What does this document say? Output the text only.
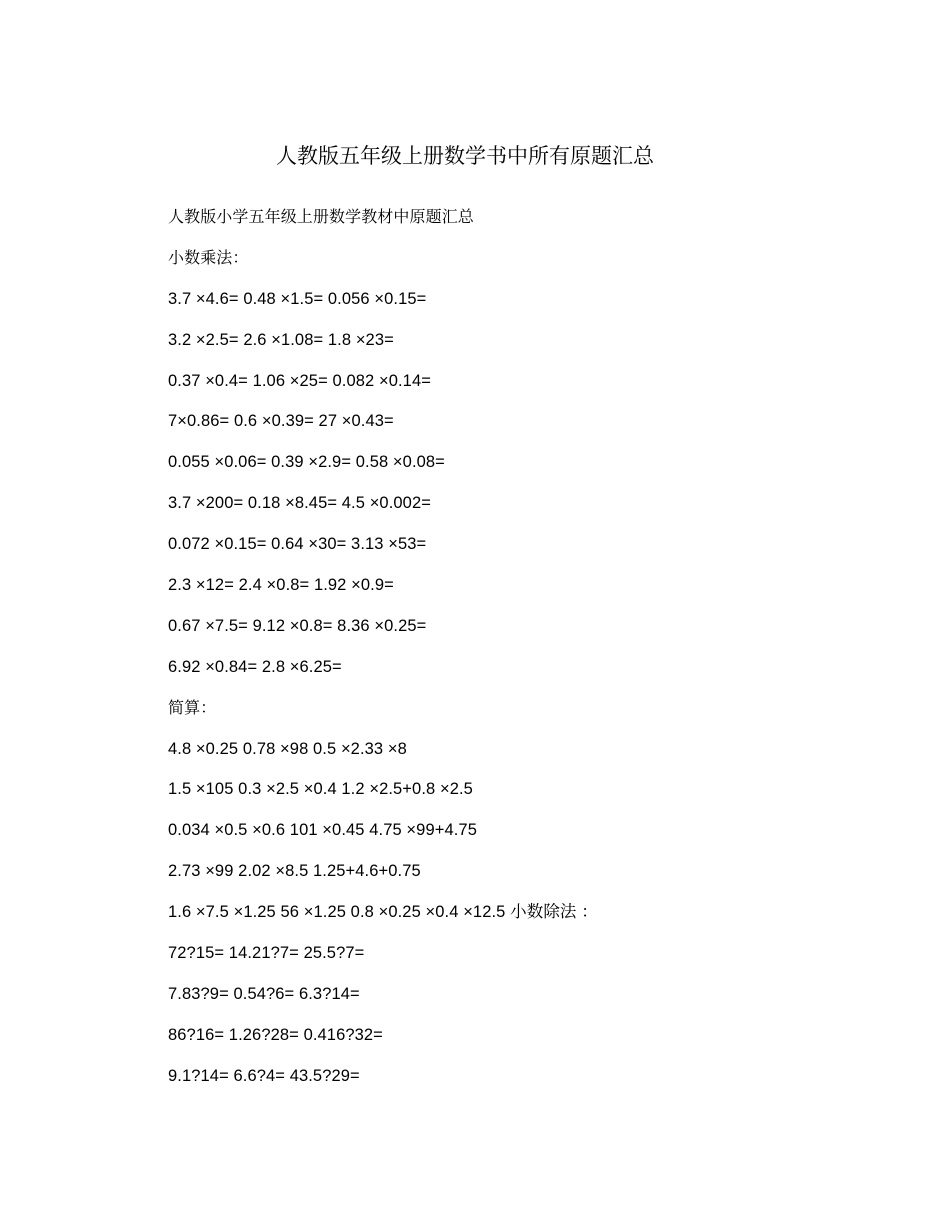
人教版五年级上册数学书中所有原题汇总
人教版小学五年级上册数学教材中原题汇总
小数乘法：
3.7 ×4.6= 0.48 ×1.5= 0.056 ×0.15=
3.2 ×2.5= 2.6 ×1.08= 1.8 ×23=
0.37 ×0.4= 1.06 ×25= 0.082 ×0.14=
7×0.86= 0.6 ×0.39= 27 ×0.43=
0.055 ×0.06= 0.39 ×2.9= 0.58 ×0.08=
3.7 ×200= 0.18 ×8.45= 4.5 ×0.002=
0.072 ×0.15= 0.64 ×30= 3.13 ×53=
2.3 ×12= 2.4 ×0.8= 1.92 ×0.9=
0.67 ×7.5= 9.12 ×0.8= 8.36 ×0.25=
6.92 ×0.84= 2.8 ×6.25=
简算：
4.8 ×0.25 0.78 ×98 0.5 ×2.33 ×8
1.5 ×105 0.3 ×2.5 ×0.4 1.2 ×2.5+0.8 ×2.5
0.034 ×0.5 ×0.6 101 ×0.45 4.75 ×99+4.75
2.73 ×99 2.02 ×8.5 1.25+4.6+0.75
1.6 ×7.5 ×1.25 56 ×1.25 0.8 ×0.25 ×0.4 ×12.5 小数除法 ：
72?15= 14.21?7= 25.5?7=
7.83?9= 0.54?6= 6.3?14=
86?16= 1.26?28= 0.416?32=
9.1?14= 6.6?4= 43.5?29=
